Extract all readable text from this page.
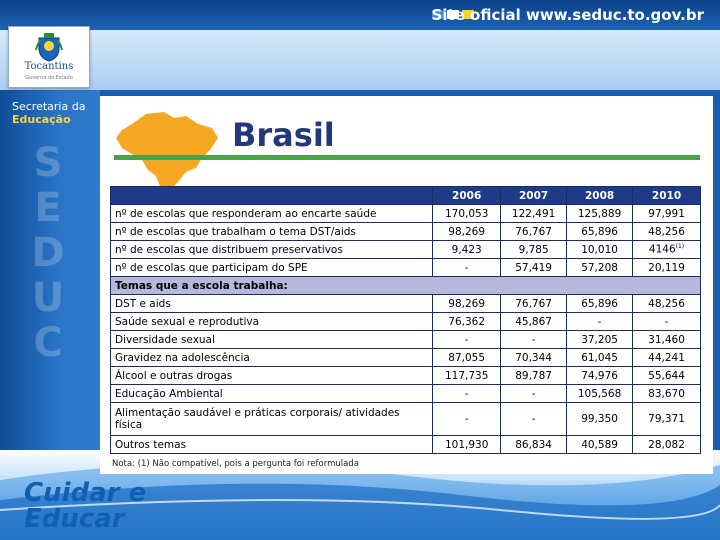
Site oficial www.seduc.to.gov.br
Tocantins
Governo do Estado
Secretaria da
Educação
S
E
D
U
C
Cuidar e
Educar
Brasil
	2006	2007	2008	2010
nº de escolas que responderam ao encarte saúde	170,053	122,491	125,889	97,991
nº de escolas que trabalham o tema DST/aids	98,269	76,767	65,896	48,256
nº de escolas que distribuem preservativos	9,423	9,785	10,010	4146$^{(1)}$
nº de escolas que participam do SPE	-	57,419	57,208	20,119
Temas que a escola trabalha:				
DST e aids	98,269	76,767	65,896	48,256
Saúde sexual e reprodutiva	76,362	45,867	-	-
Diversidade sexual	-	-	37,205	31,460
Gravidez na adolescência	87,055	70,344	61,045	44,241
Álcool e outras drogas	117,735	89,787	74,976	55,644
Educação Ambiental	-	-	105,568	83,670
Alimentação saudável e práticas corporais/ atividades física	-	-	99,350	79,371
Outros temas	101,930	86,834	40,589	28,082
Nota: (1) Não compatível, pois a pergunta foi reformulada
